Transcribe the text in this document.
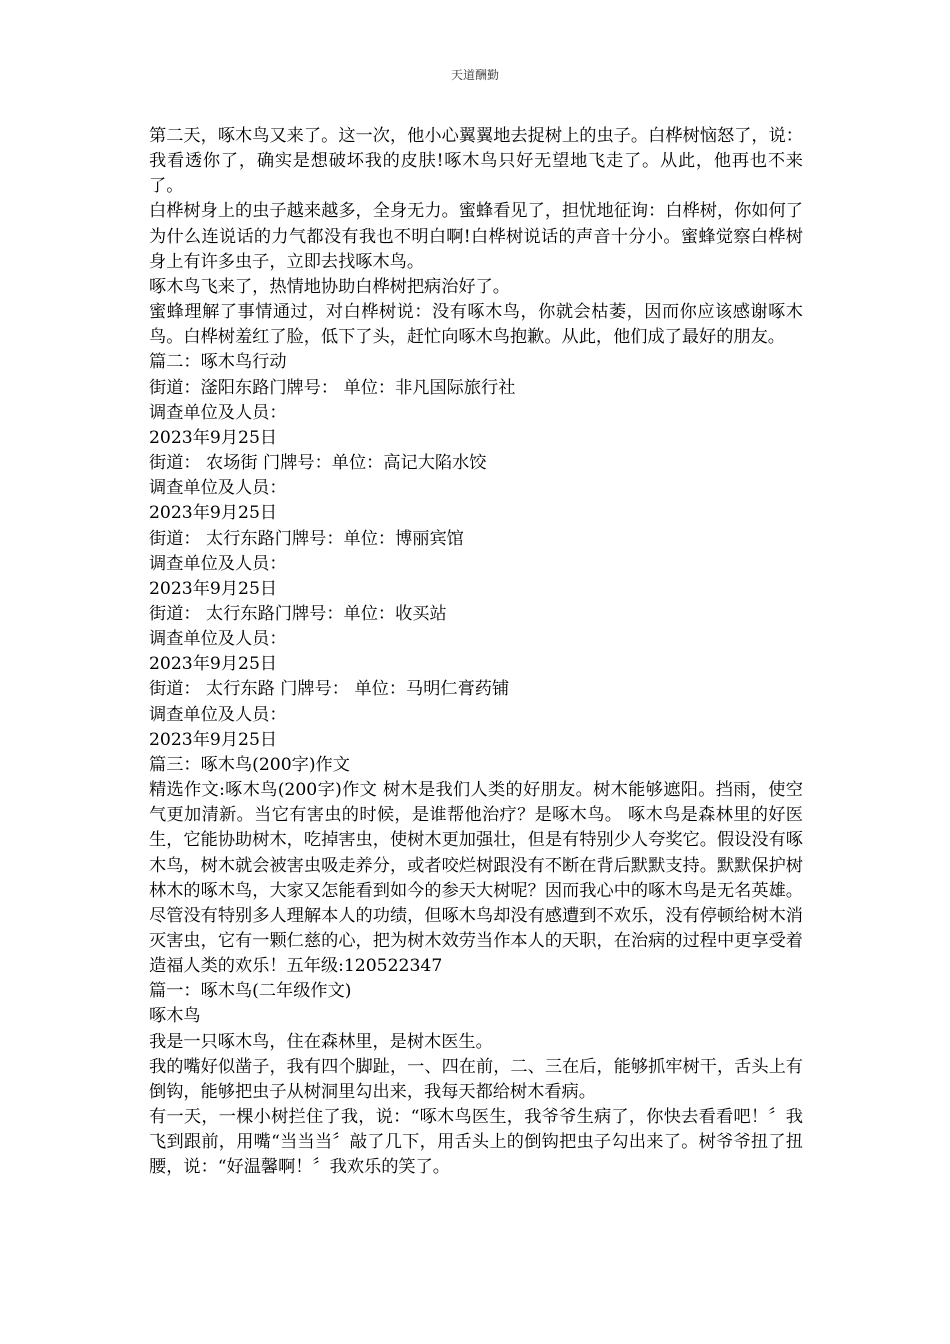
天道酬勤

第二天，啄木鸟又来了。这一次，他小心翼翼地去捉树上的虫子。白桦树恼怒了，说：我看透你了，确实是想破坏我的皮肤!啄木鸟只好无望地飞走了。从此，他再也不来了。

白桦树身上的虫子越来越多，全身无力。蜜蜂看见了，担忧地征询：白桦树，你如何了为什么连说话的力气都没有我也不明白啊!白桦树说话的声音十分小。蜜蜂觉察白桦树身上有许多虫子，立即去找啄木鸟。

啄木鸟飞来了，热情地协助白桦树把病治好了。

蜜蜂理解了事情通过，对白桦树说：没有啄木鸟，你就会枯萎，因而你应该感谢啄木鸟。白桦树羞红了脸，低下了头，赶忙向啄木鸟抱歉。从此，他们成了最好的朋友。

篇二：啄木鸟行动

街道：滏阳东路门牌号： 单位：非凡国际旅行社

调查单位及人员：

2023年9月25日

街道： 农场街 门牌号：单位：高记大陷水饺

调查单位及人员：

2023年9月25日

街道： 太行东路门牌号：单位：博丽宾馆

调查单位及人员：

2023年9月25日

街道： 太行东路门牌号：单位：收买站

调查单位及人员：

2023年9月25日

街道： 太行东路 门牌号： 单位：马明仁膏药铺

调查单位及人员：

2023年9月25日

篇三：啄木鸟(200字)作文

精选作文:啄木鸟(200字)作文 树木是我们人类的好朋友。树木能够遮阳。挡雨，使空气更加清新。当它有害虫的时候，是谁帮他治疗？是啄木鸟。 啄木鸟是森林里的好医生，它能协助树木，吃掉害虫，使树木更加强壮，但是有特别少人夸奖它。假设没有啄木鸟，树木就会被害虫吸走养分，或者咬烂树跟没有不断在背后默默支持。默默保护树林木的啄木鸟，大家又怎能看到如今的参天大树呢？因而我心中的啄木鸟是无名英雄。尽管没有特别多人理解本人的功绩，但啄木鸟却没有感遭到不欢乐，没有停顿给树木消灭害虫，它有一颗仁慈的心，把为树木效劳当作本人的天职，在治病的过程中更享受着造福人类的欢乐！五年级:120522347

篇一：啄木鸟(二年级作文)

啄木鸟

我是一只啄木鸟，住在森林里，是树木医生。

我的嘴好似凿子，我有四个脚趾，一、四在前，二、三在后，能够抓牢树干，舌头上有倒钩，能够把虫子从树洞里勾出来，我每天都给树木看病。

有一天，一棵小树拦住了我，说：“啄木鸟医生，我爷爷生病了，你快去看看吧！〞我飞到跟前，用嘴“当当当〞敲了几下，用舌头上的倒钩把虫子勾出来了。树爷爷扭了扭腰，说：“好温馨啊！〞我欢乐的笑了。
